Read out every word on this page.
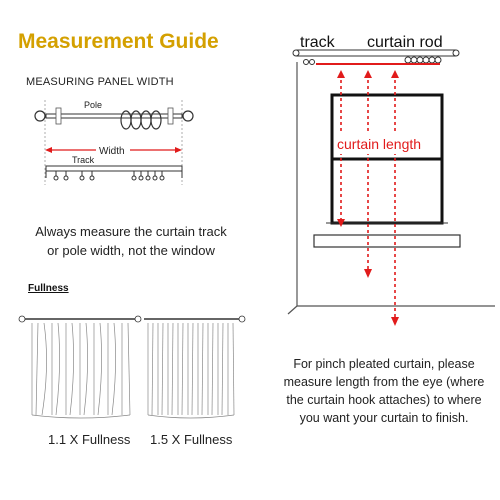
Measurement Guide
MEASURING PANEL WIDTH
Pole
Width
Track
Always measure the curtain track
or pole width, not the window
Fullness
1.1 X Fullness 1.5 X Fullness
track curtain rod
curtain length
For pinch pleated curtain, please
measure length from the eye (where
the curtain hook attaches) to where
you want your curtain to finish.
